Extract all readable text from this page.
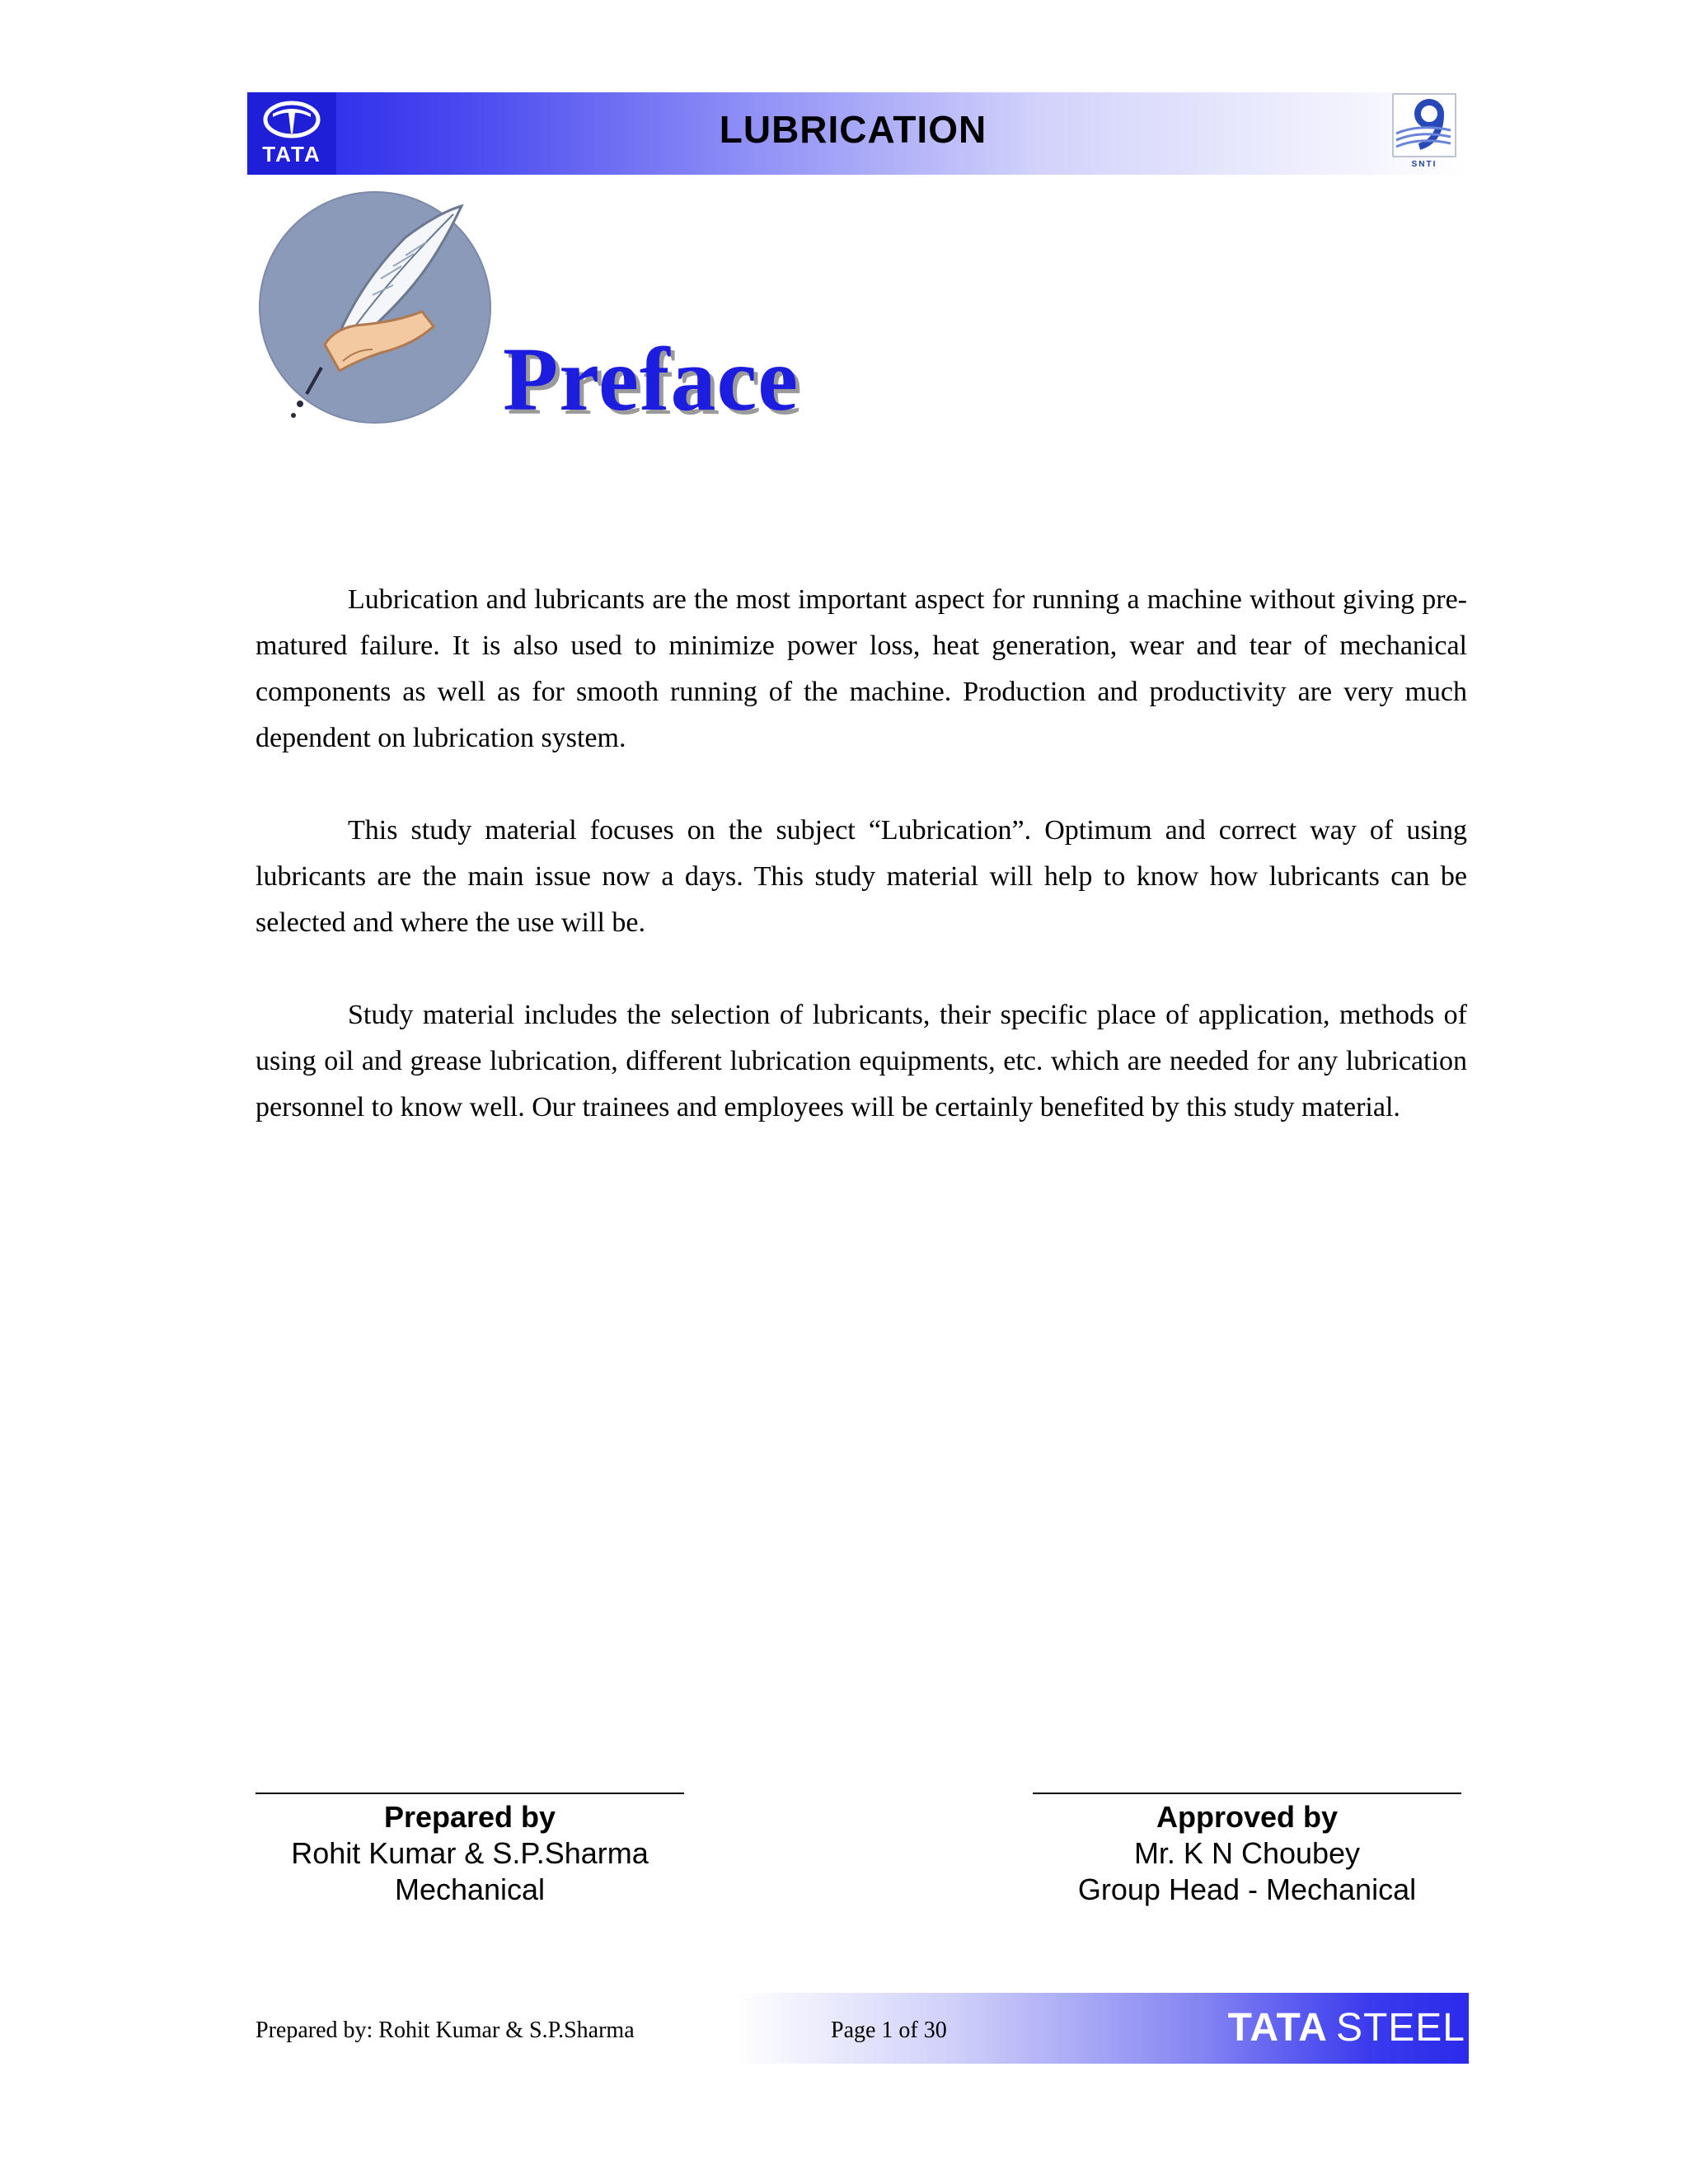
TATA
LUBRICATION
SNTI
Preface

Lubrication and lubricants are the most important aspect for running a machine without giving pre-matured failure. It is also used to minimize power loss, heat generation, wear and tear of mechanical components as well as for smooth running of the machine. Production and productivity are very much dependent on lubrication system.

This study material focuses on the subject “Lubrication”. Optimum and correct way of using lubricants are the main issue now a days. This study material will help to know how lubricants can be selected and where the use will be.

Study material includes the selection of lubricants, their specific place of application, methods of using oil and grease lubrication, different lubrication equipments, etc. which are needed for any lubrication personnel to know well. Our trainees and employees will be certainly benefited by this study material.

Prepared by
Rohit Kumar & S.P.Sharma
Mechanical
Approved by
Mr. K N Choubey
Group Head - Mechanical
Prepared by: Rohit Kumar & S.P.Sharma	Page 1 of 30	TATA STEEL
